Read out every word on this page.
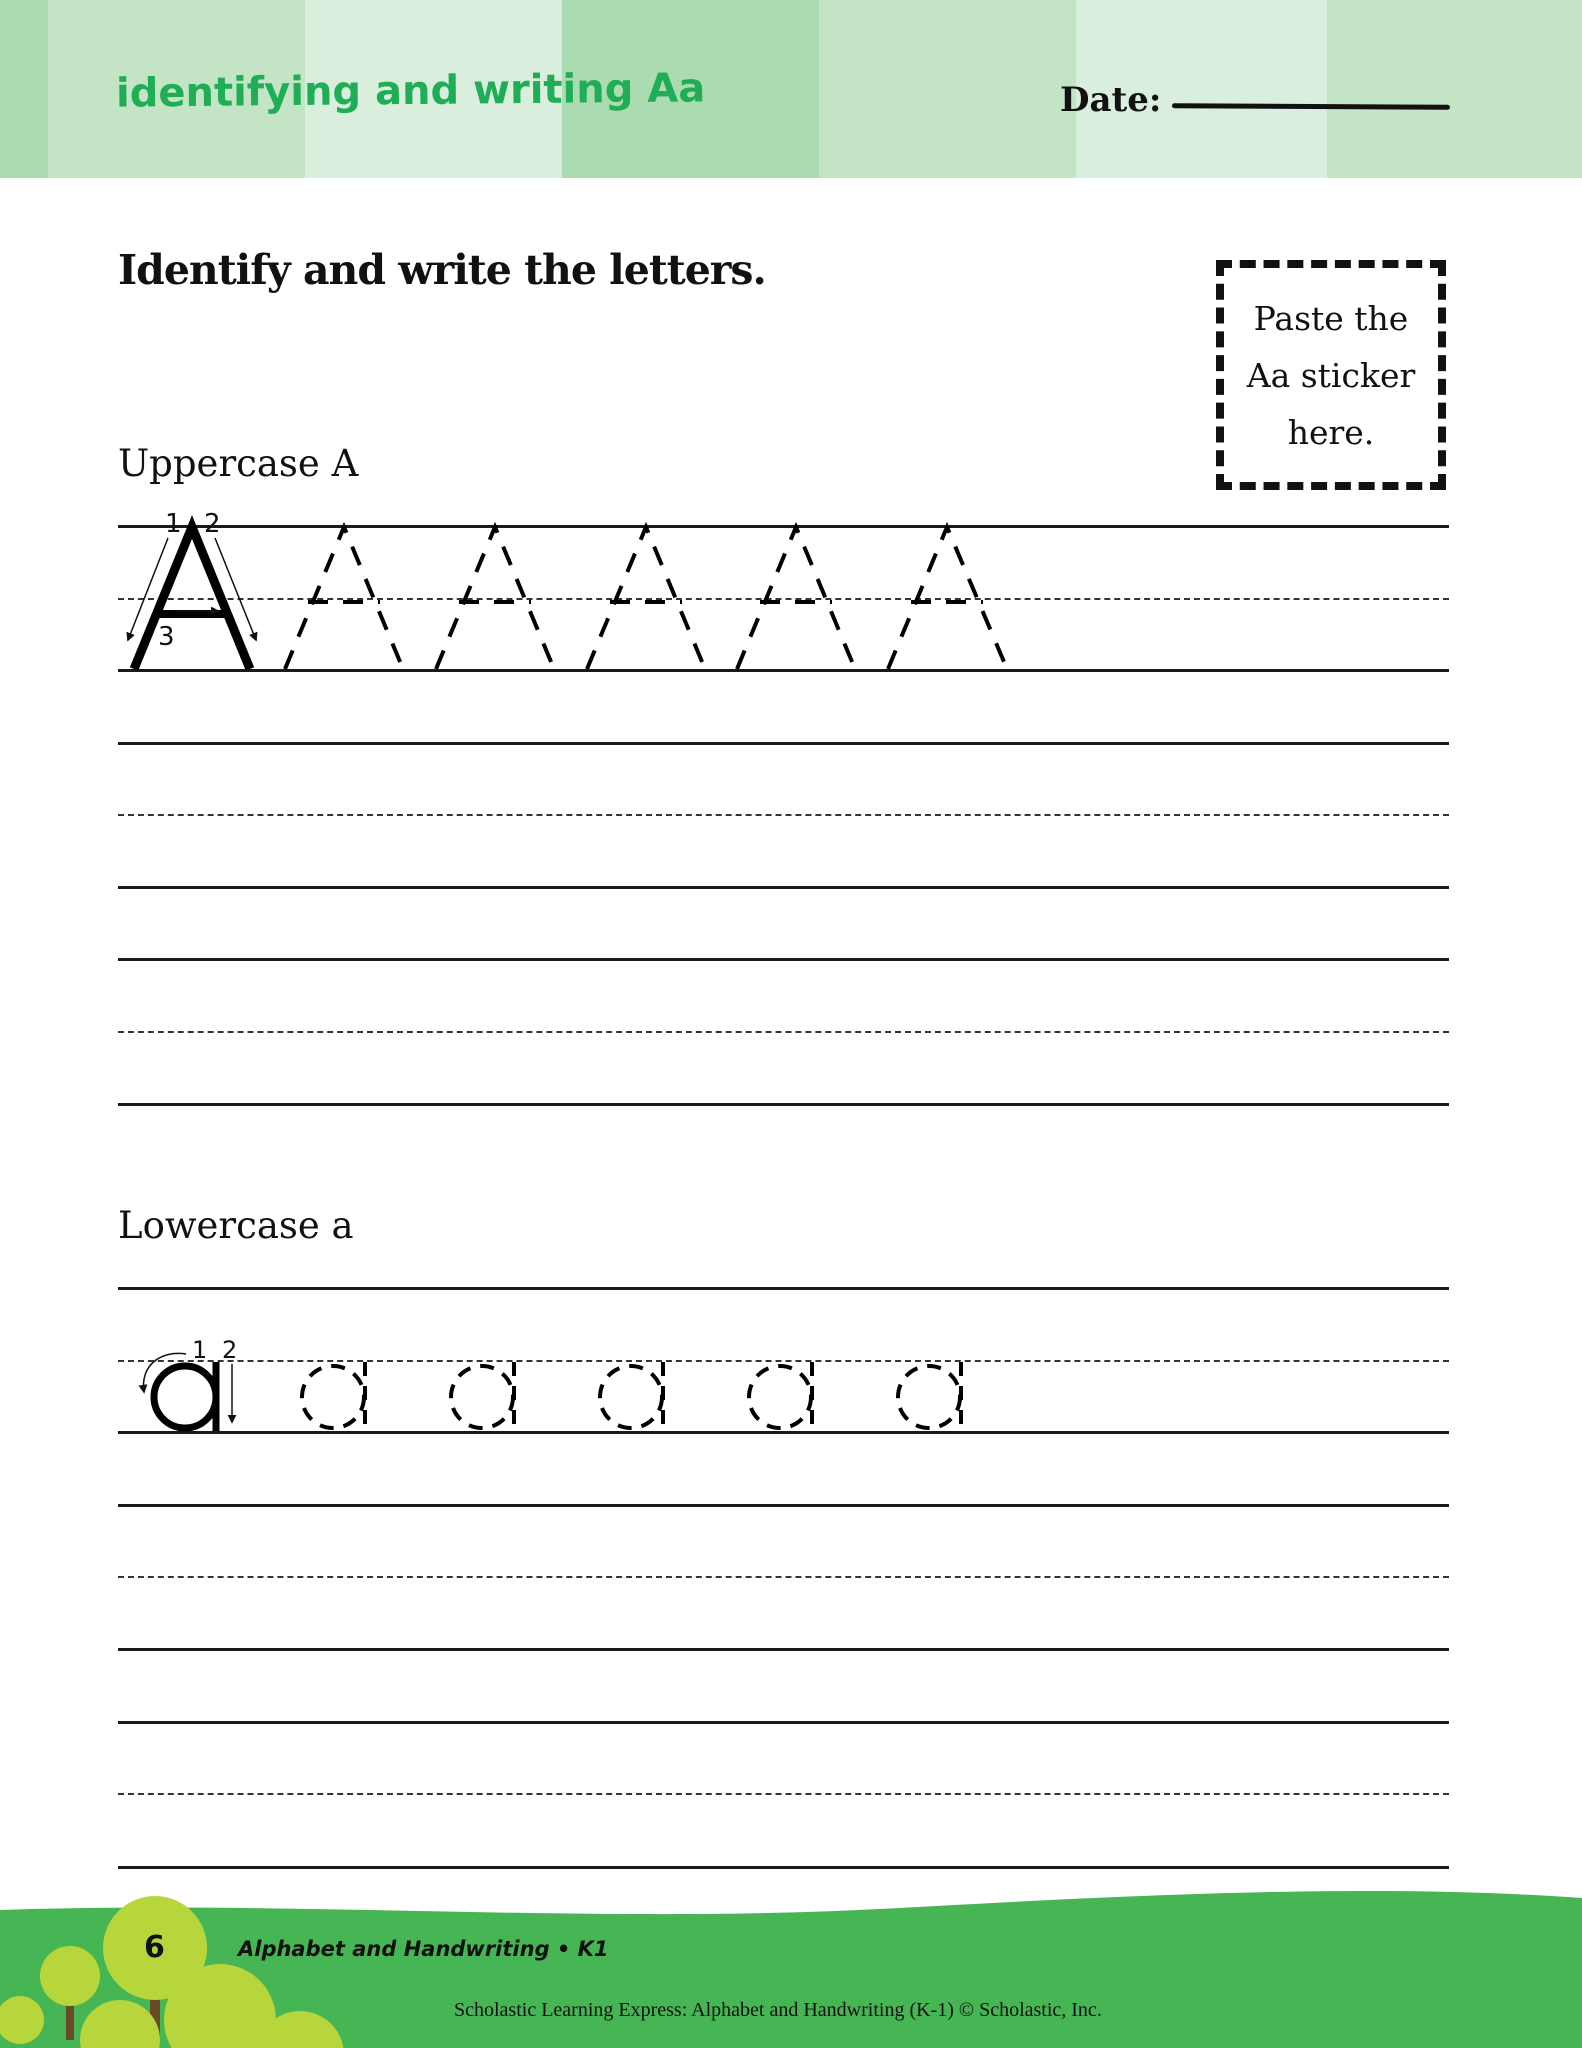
identifying and writing Aa	Date:
Identify and write the letters.
Paste the
Aa sticker
here.
Uppercase A
Lowercase a
1 2
3
1 2
6	Alphabet and Handwriting • K1
Scholastic Learning Express: Alphabet and Handwriting (K-1) © Scholastic, Inc.
